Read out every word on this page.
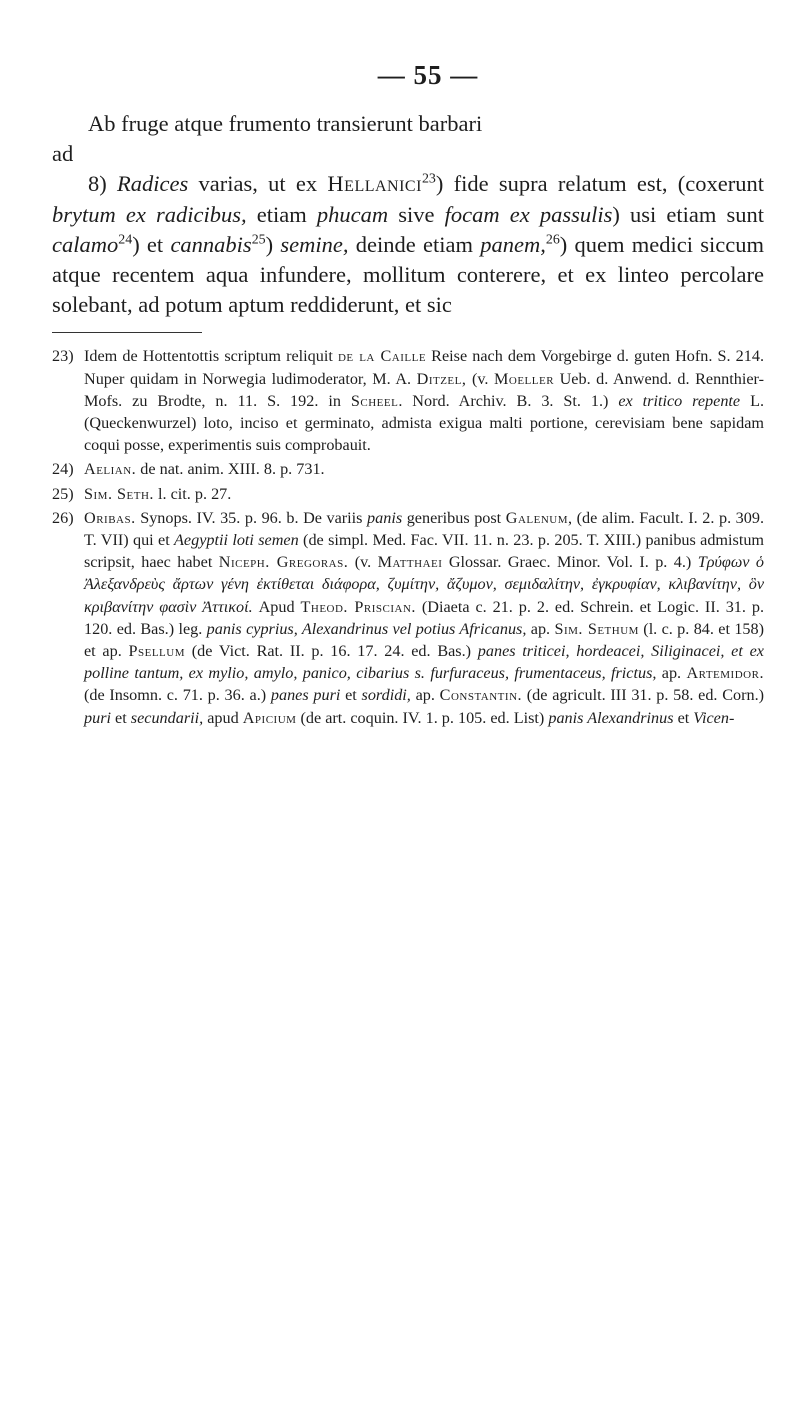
— 55 —

Ab fruge atque frumento transierunt barbari

ad

8) Radices varias, ut ex Hellanici$^{23}$) fide supra relatum est, (coxerunt brytum ex radicibus, etiam phucam sive focam ex passulis) usi etiam sunt calamo$^{24}$) et cannabis$^{25}$) semine, deinde etiam panem,$^{26}$) quem medici siccum atque recentem aqua infundere, mollitum conterere, et ex linteo percolare solebant, ad potum aptum reddiderunt, et sic

23) Idem de Hottentottis scriptum reliquit de la Caille Reise nach dem Vorgebirge d. guten Hofn. S. 214. Nuper quidam in Norwegia ludimoderator, M. A. Ditzel, (v. Moeller Ueb. d. Anwend. d. Rennthier-Mofs. zu Brodte, n. 11. S. 192. in Scheel. Nord. Archiv. B. 3. St. 1.) ex tritico repente L. (Queckenwurzel) loto, inciso et germinato, admista exigua malti portione, cerevisiam bene sapidam coqui posse, experimentis suis comprobauit.

24) Aelian. de nat. anim. XIII. 8. p. 731.

25) Sim. Seth. l. cit. p. 27.

26) Oribas. Synops. IV. 35. p. 96. b. De variis panis generibus post Galenum, (de alim. Facult. I. 2. p. 309. T. VII) qui et Aegyptii loti semen (de simpl. Med. Fac. VII. 11. n. 23. p. 205. T. XIII.) panibus admistum scripsit, haec habet Niceph. Gregoras. (v. Matthaei Glossar. Graec. Minor. Vol. I. p. 4.) Τρύφων ὁ Ἀλεξανδρεὺς ἄρτων γένη ἐκτίθεται διάφορα, ζυμίτην, ἄζυμον, σεμιδαλίτην, ἐγκρυφίαν, κλιβανίτην, ὃν κριβανίτην φασὶν Ἀττικοί. Apud Theod. Priscian. (Diaeta c. 21. p. 2. ed. Schrein. et Logic. II. 31. p. 120. ed. Bas.) leg. panis cyprius, Alexandrinus vel potius Africanus, ap. Sim. Sethum (l. c. p. 84. et 158) et ap. Psellum (de Vict. Rat. II. p. 16. 17. 24. ed. Bas.) panes triticei, hordeacei, Siliginacei, et ex polline tantum, ex mylio, amylo, panico, cibarius s. furfuraceus, frumentaceus, frictus, ap. Artemidor. (de Insomn. c. 71. p. 36. a.) panes puri et sordidi, ap. Constantin. (de agricult. III 31. p. 58. ed. Corn.) puri et secundarii, apud Apicium (de art. coquin. IV. 1. p. 105. ed. List) panis Alexandrinus et Vicen-
